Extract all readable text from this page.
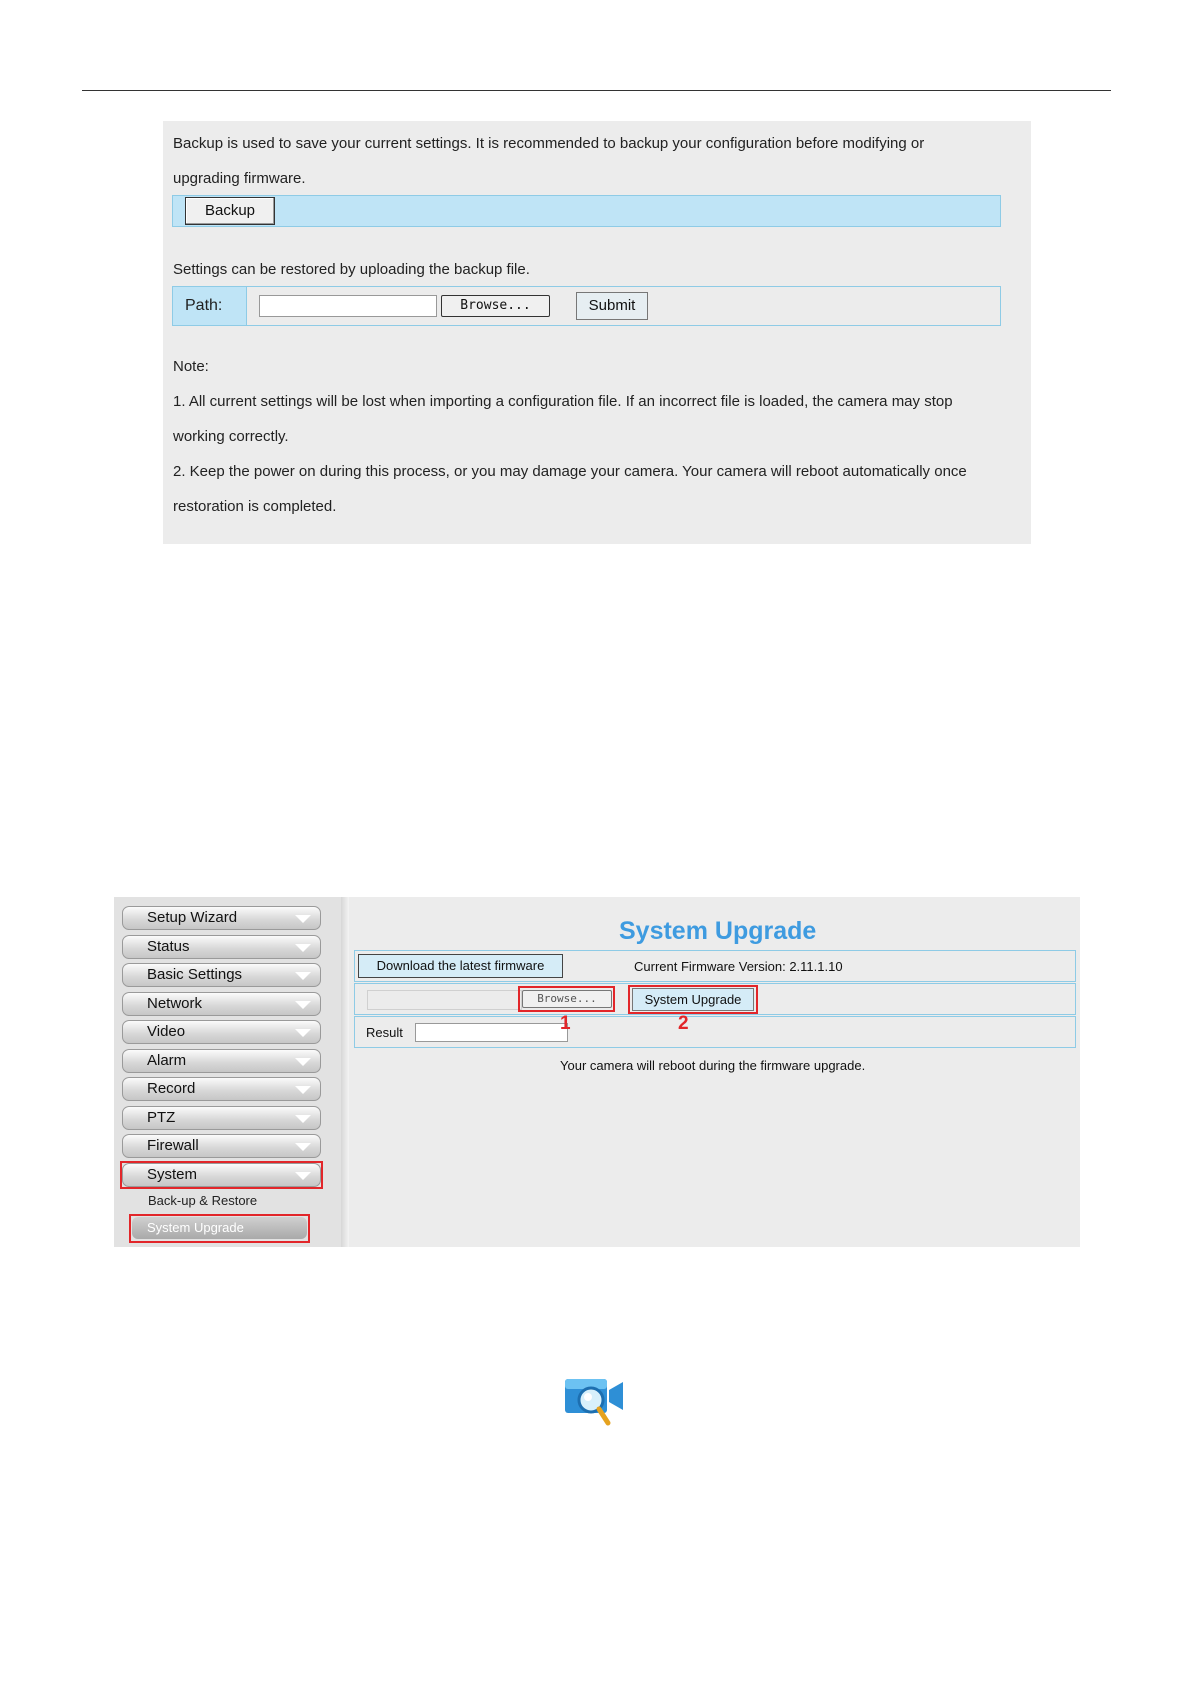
Backup is used to save your current settings. It is recommended to backup your configuration before modifying or
upgrading firmware.
Backup
Settings can be restored by uploading the backup file.
Path:	Browse...	Submit
Note:
1. All current settings will be lost when importing a configuration file. If an incorrect file is loaded, the camera may stop
working correctly.
2. Keep the power on during this process, or you may damage your camera. Your camera will reboot automatically once
restoration is completed.
Setup Wizard
Status
Basic Settings
Network
Video
Alarm
Record
PTZ
Firewall
System
Back-up & Restore
System Upgrade
System Upgrade
Download the latest firmware	Current Firmware Version: 2.11.1.10
Browse...	System Upgrade
Result	1	2
Your camera will reboot during the firmware upgrade.
